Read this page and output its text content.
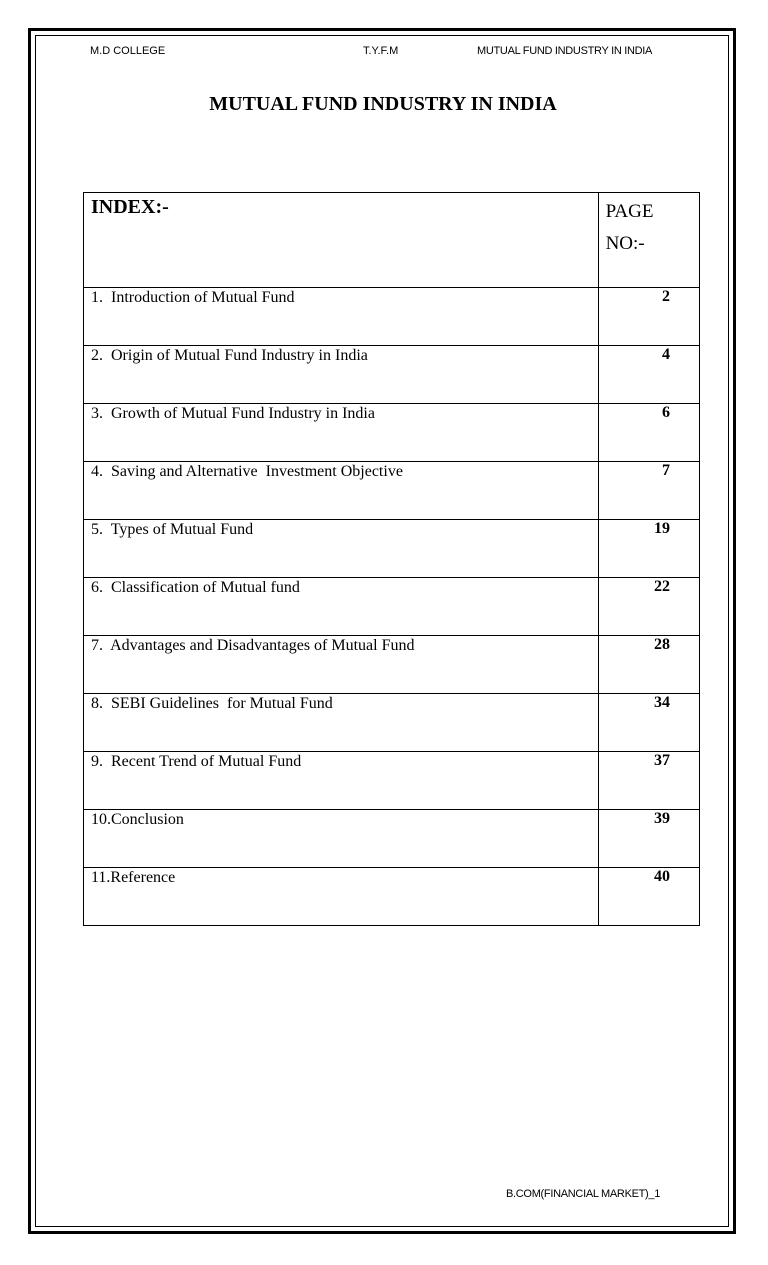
M.D COLLEGE	T.Y.F.M	MUTUAL FUND INDUSTRY IN INDIA
MUTUAL FUND INDUSTRY IN INDIA
INDEX:-	PAGE
NO:-

1.  Introduction of Mutual Fund	2

2.  Origin of Mutual Fund Industry in India	4

3.  Growth of Mutual Fund Industry in India	6

4.  Saving and Alternative  Investment Objective	7

5.  Types of Mutual Fund	19

6.  Classification of Mutual fund	22

7.  Advantages and Disadvantages of Mutual Fund	28

8.  SEBI Guidelines  for Mutual Fund	34

9.  Recent Trend of Mutual Fund	37

10.Conclusion	39

11.Reference	40
B.COM(FINANCIAL MARKET)_1
